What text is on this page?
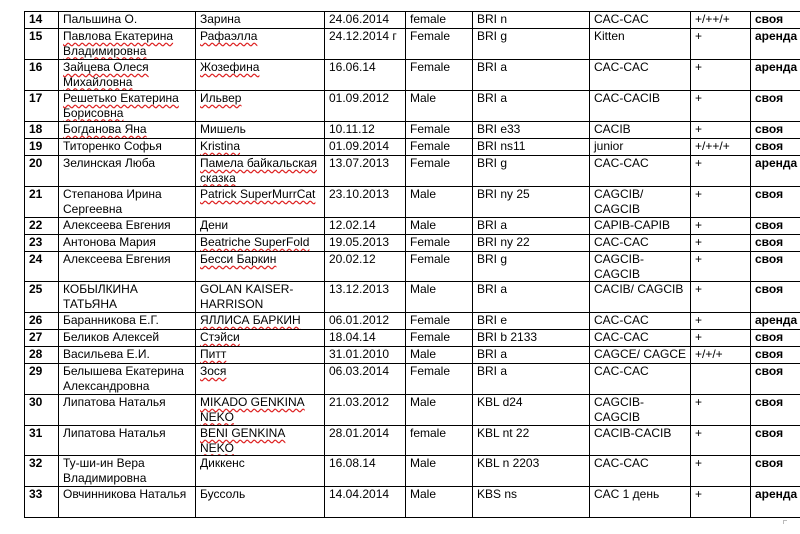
14	Пальшина О.	Зарина	24.06.2014	female	BRI n	CAC-CAC	+/++/+	своя
15	Павлова Екатерина Владимировна	Рафаэлла	24.12.2014 г	Female	BRI g	Kitten	+	аренда
16	Зайцева Олеся Михайловна	Жозефина	16.06.14	Female	BRI a	CAC-CAC	+	аренда
17	Решетько Екатерина Борисовна	Ильвер	01.09.2012	Male	BRI a	CAC-CACIB	+	своя
18	Богданова Яна	Мишель	10.11.12	Female	BRI e33	CACIB	+	своя
19	Титоренко Софья	Kristina	01.09.2014	Female	BRI ns11	junior	+/++/+	своя
20	Зелинская Люба	Памела байкальская сказка	13.07.2013	Female	BRI g	CAC-CAC	+	аренда
21	Степанова Ирина Сергеевна	Patrick SuperMurrCat	23.10.2013	Male	BRI ny 25	CAGCIB/ CAGCIB	+	своя
22	Алексеева Евгения	Дени	12.02.14	Male	BRI a	CAPIB-CAPIB	+	своя
23	Антонова Мария	Beatriche SuperFold	19.05.2013	Female	BRI ny 22	CAC-CAC	+	своя
24	Алексеева Евгения	Бесси Баркин	20.02.12	Female	BRI g	CAGCIB-CAGCIB	+	своя
25	КОБЫЛКИНА ТАТЬЯНА	GOLAN KAISER-HARRISON	13.12.2013	Male	BRI a	CACIB/ CAGCIB	+	своя
26	Баранникова Е.Г.	ЯЛЛИСА БАРКИН	06.01.2012	Female	BRI e	CAC-CAC	+	аренда
27	Беликов Алексей	Стэйси	18.04.14	Female	BRI b 2133	CAC-CAC	+	своя
28	Васильева Е.И.	Питт	31.01.2010	Male	BRI a	CAGCE/ CAGCE	+/+/+	своя
29	Белышева Екатерина Александровна	Зося	06.03.2014	Female	BRI a	CAC-CAC		своя
30	Липатова Наталья	MIKADO GENKINA NEKO	21.03.2012	Male	KBL d24	CAGCIB-CAGCIB	+	своя
31	Липатова Наталья	BENI GENKINA NEKO	28.01.2014	female	KBL nt 22	CACIB-CACIB	+	своя
32	Ту-ши-ин Вера Владимировна	Диккенс	16.08.14	Male	KBL n 2203	CAC-CAC	+	своя
33	Овчинникова Наталья	Буссоль	14.04.2014	Male	KBS ns	CAC 1 день	+	аренда
